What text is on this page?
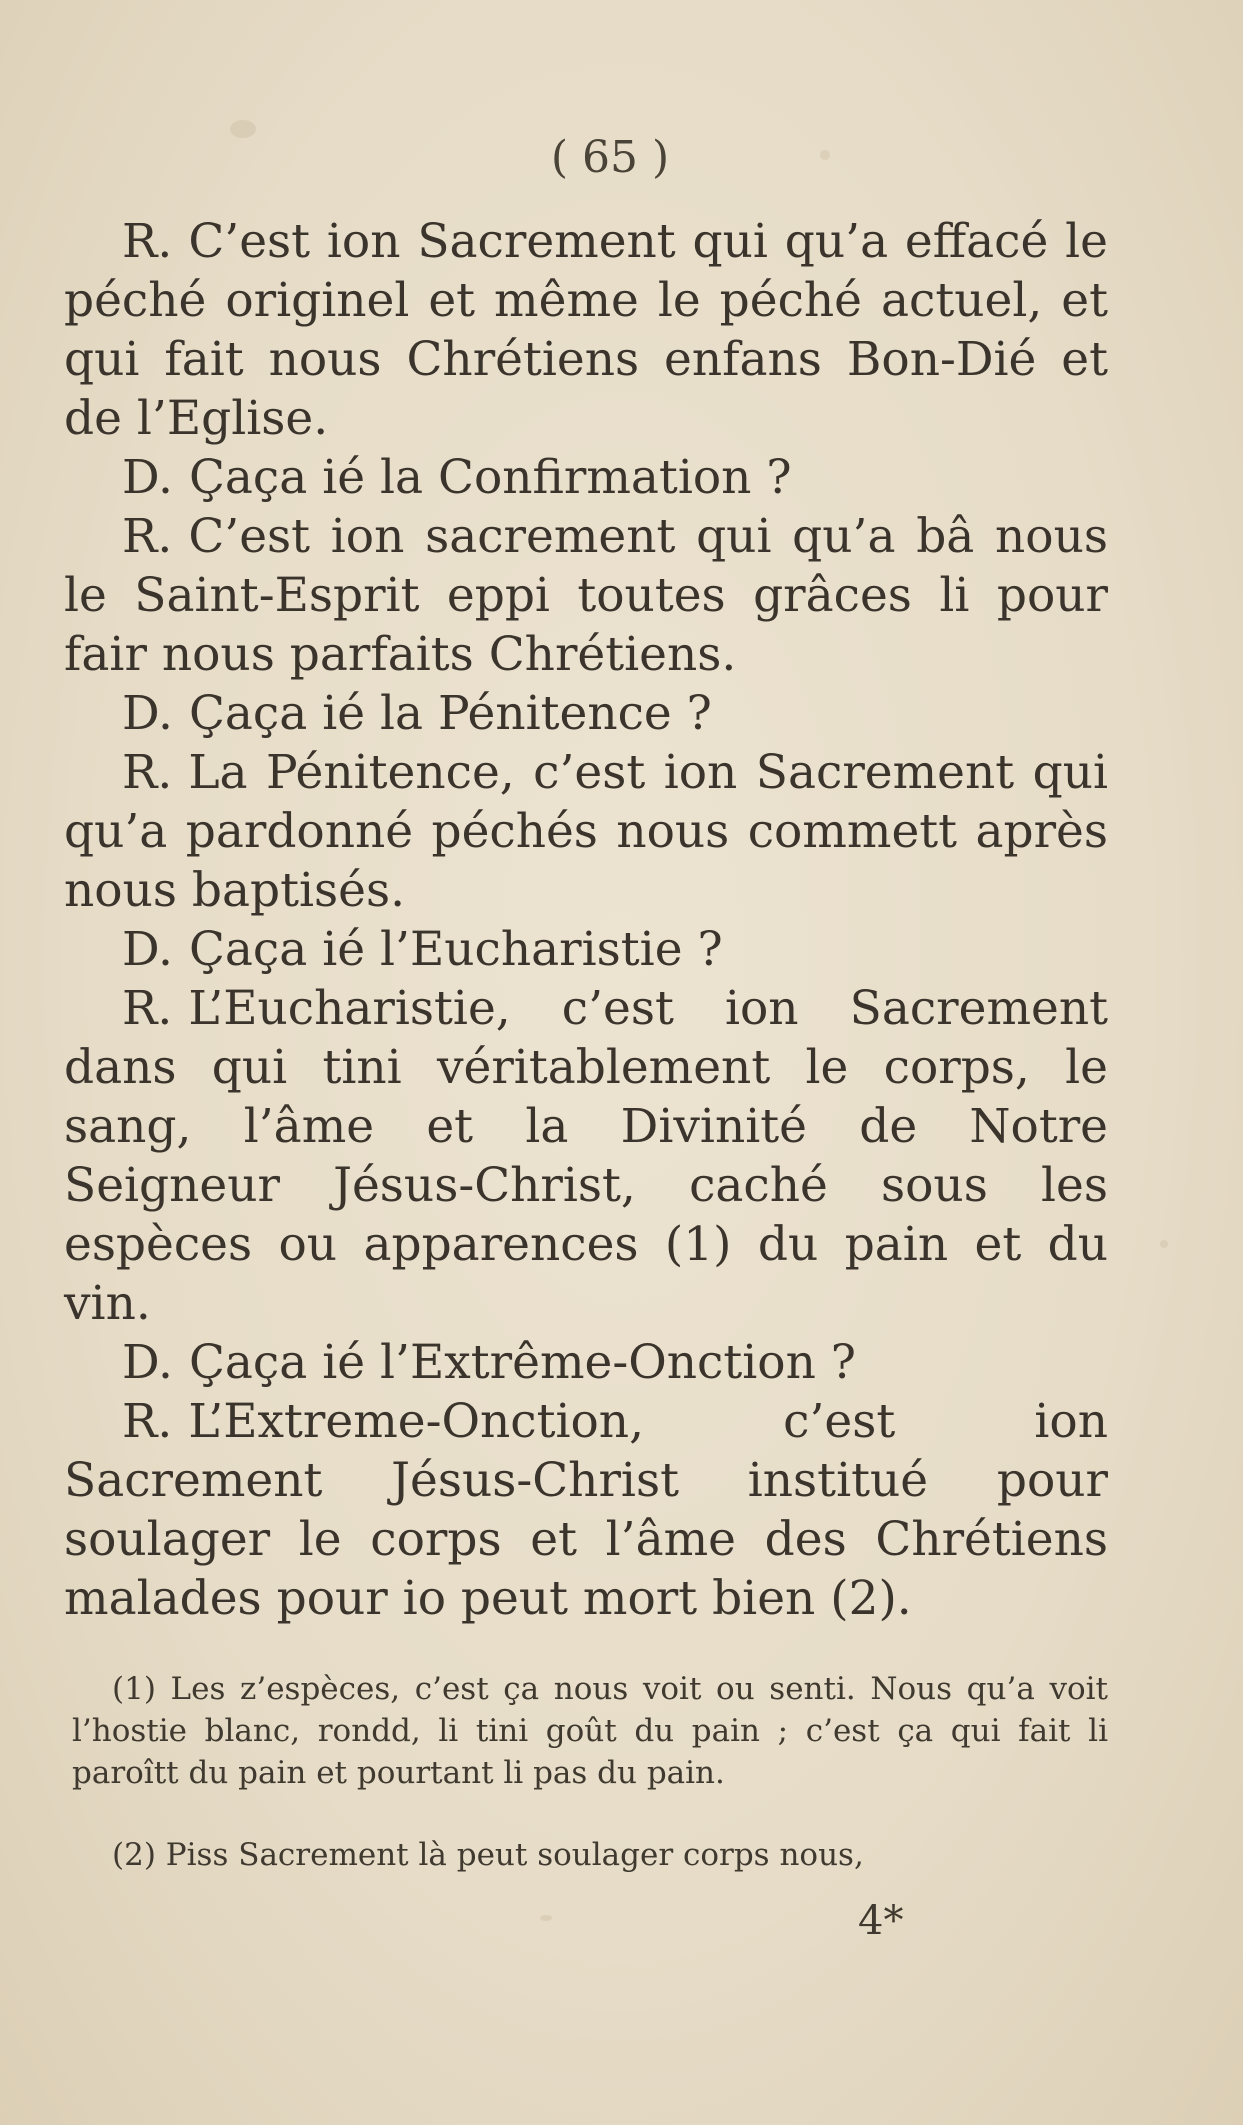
( 65 )

R. C’est ion Sacrement qui qu’a effacé le péché originel et même le péché actuel, et qui fait nous Chrétiens enfans Bon-Dié et de l’Eglise.

D. Çaça ié la Confirmation ?

R. C’est ion sacrement qui qu’a bâ nous le Saint-Esprit eppi toutes grâces li pour fair nous parfaits Chrétiens.

D. Çaça ié la Pénitence ?

R. La Pénitence, c’est ion Sacrement qui qu’a pardonné péchés nous commett après nous baptisés.

D. Çaça ié l’Eucharistie ?

R. L’Eucharistie, c’est ion Sacrement dans qui tini véritablement le corps, le sang, l’âme et la Divinité de Notre Seigneur Jésus-Christ, caché sous les espèces ou apparences (1) du pain et du vin.

D. Çaça ié l’Extrême-Onction ?

R. L’Extreme-Onction, c’est ion Sacrement Jésus-Christ institué pour soulager le corps et l’âme des Chrétiens malades pour io peut mort bien (2).

(1) Les z’espèces, c’est ça nous voit ou senti. Nous qu’a voit l’hostie blanc, rondd, li tini goût du pain ; c’est ça qui fait li paroîtt du pain et pourtant li pas du pain.

(2) Piss Sacrement là peut soulager corps nous,

4*
